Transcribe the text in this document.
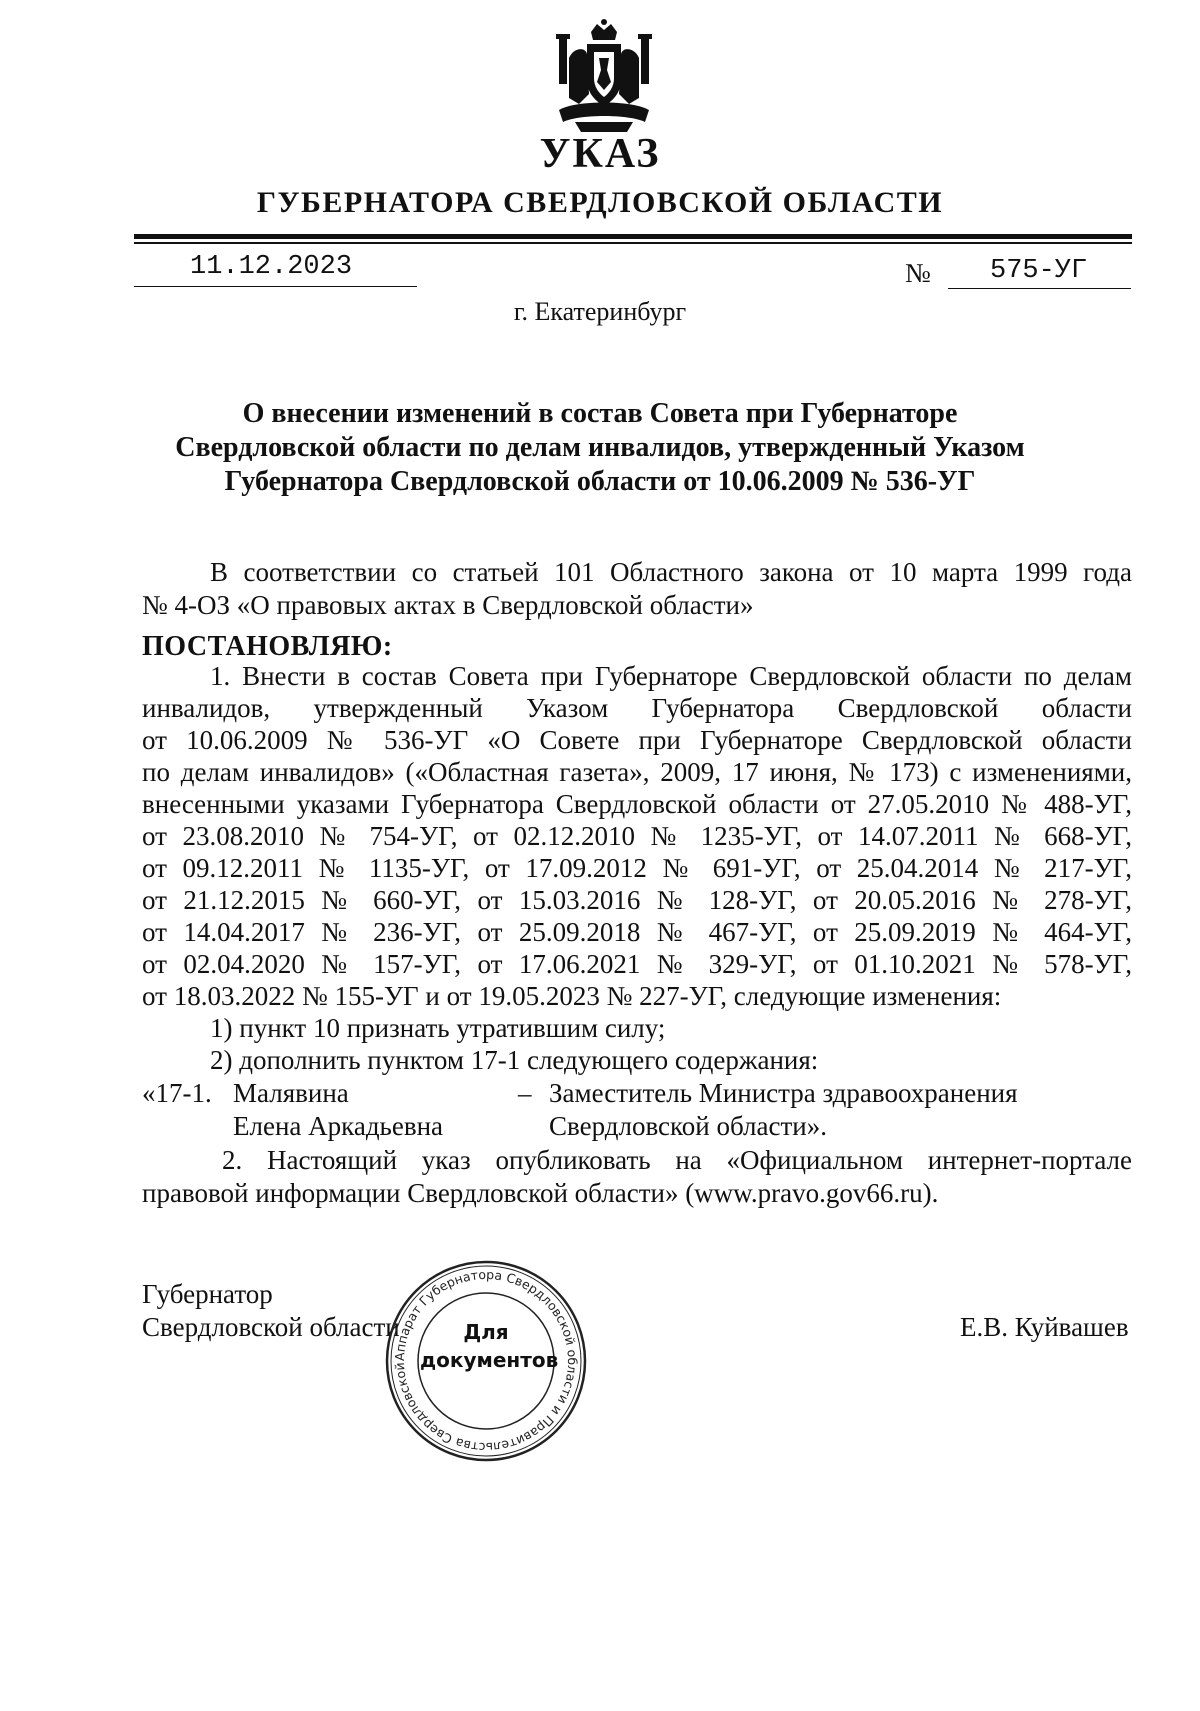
УКАЗ
ГУБЕРНАТОРА СВЕРДЛОВСКОЙ ОБЛАСТИ
11.12.2023	№ 575-УГ
г. Екатеринбург
О внесении изменений в состав Совета при Губернаторе
Свердловской области по делам инвалидов, утвержденный Указом
Губернатора Свердловской области от 10.06.2009 № 536-УГ
В соответствии со статьей 101 Областного закона от 10 марта 1999 года
№ 4-ОЗ «О правовых актах в Свердловской области»
ПОСТАНОВЛЯЮ:
1. Внести в состав Совета при Губернаторе Свердловской области по делам
инвалидов, утвержденный Указом Губернатора Свердловской области
от 10.06.2009 № 536-УГ «О Совете при Губернаторе Свердловской области
по делам инвалидов» («Областная газета», 2009, 17 июня, № 173) с изменениями,
внесенными указами Губернатора Свердловской области от 27.05.2010 № 488-УГ,
от 23.08.2010 № 754-УГ, от 02.12.2010 № 1235-УГ, от 14.07.2011 № 668-УГ,
от 09.12.2011 № 1135-УГ, от 17.09.2012 № 691-УГ, от 25.04.2014 № 217-УГ,
от 21.12.2015 № 660-УГ, от 15.03.2016 № 128-УГ, от 20.05.2016 № 278-УГ,
от 14.04.2017 № 236-УГ, от 25.09.2018 № 467-УГ, от 25.09.2019 № 464-УГ,
от 02.04.2020 № 157-УГ, от 17.06.2021 № 329-УГ, от 01.10.2021 № 578-УГ,
от 18.03.2022 № 155-УГ и от 19.05.2023 № 227-УГ, следующие изменения:
1) пункт 10 признать утратившим силу;
2) дополнить пунктом 17-1 следующего содержания:
«17-1. Малявина
Елена Аркадьевна
– Заместитель Министра здравоохранения
Свердловской области».
2. Настоящий указ опубликовать на «Официальном интернет-портале
правовой информации Свердловской области» (www.pravo.gov66.ru).
Губернатор
Свердловской области	Е.В. Куйвашев
Аппарат Губернатора Свердловской области и Правительства Свердловской
Для
документов
